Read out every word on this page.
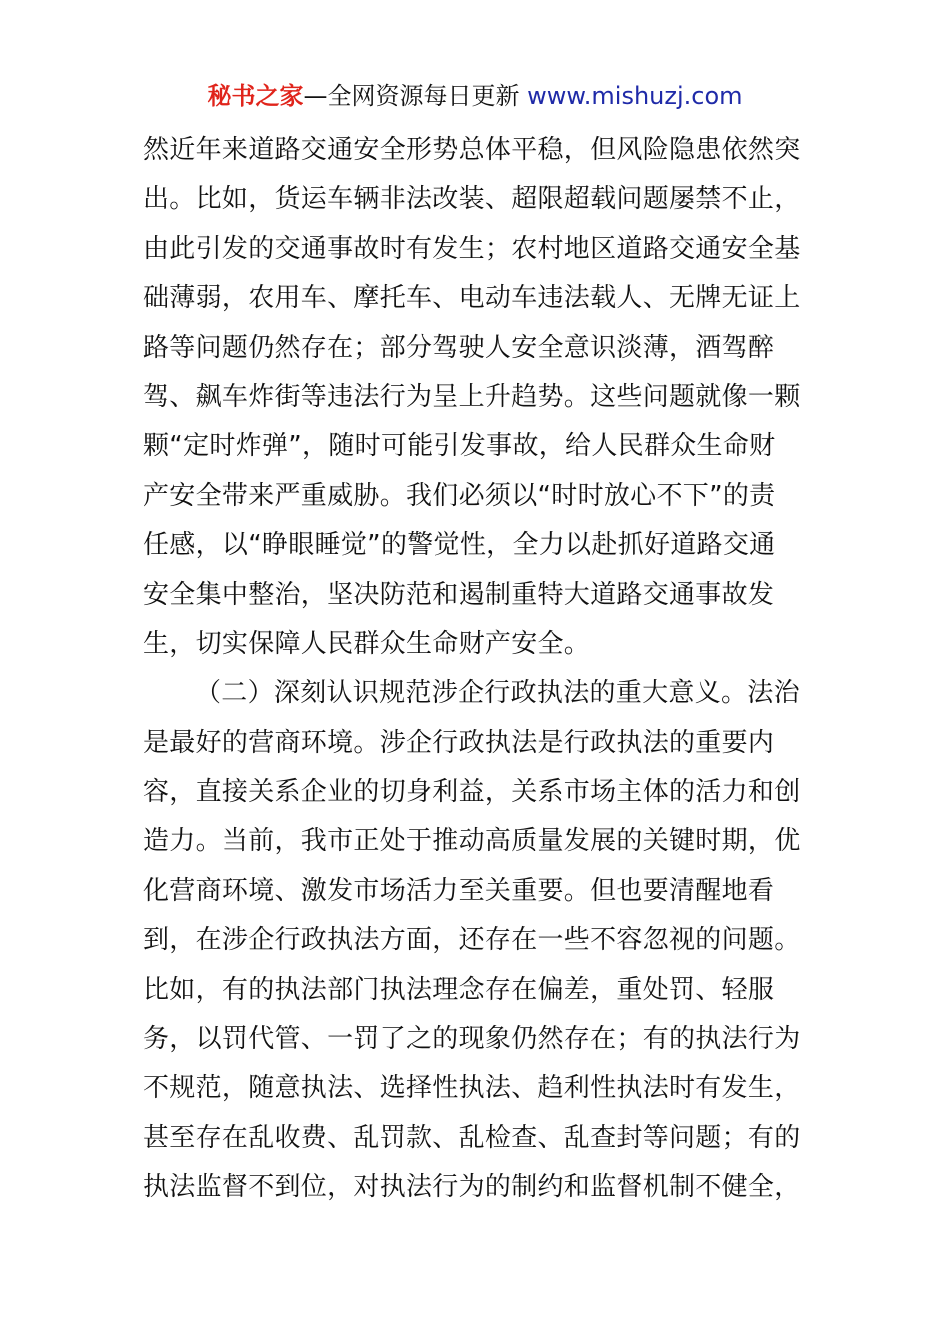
秘书之家—全网资源每日更新 www.mishuzj.com
然近年来道路交通安全形势总体平稳，但风险隐患依然突
出。比如，货运车辆非法改装、超限超载问题屡禁不止，
由此引发的交通事故时有发生；农村地区道路交通安全基
础薄弱，农用车、摩托车、电动车违法载人、无牌无证上
路等问题仍然存在；部分驾驶人安全意识淡薄，酒驾醉
驾、飙车炸街等违法行为呈上升趋势。这些问题就像一颗
颗“定时炸弹”，随时可能引发事故，给人民群众生命财
产安全带来严重威胁。我们必须以“时时放心不下”的责
任感，以“睁眼睡觉”的警觉性，全力以赴抓好道路交通
安全集中整治，坚决防范和遏制重特大道路交通事故发
生，切实保障人民群众生命财产安全。
（二）深刻认识规范涉企行政执法的重大意义。法治
是最好的营商环境。涉企行政执法是行政执法的重要内
容，直接关系企业的切身利益，关系市场主体的活力和创
造力。当前，我市正处于推动高质量发展的关键时期，优
化营商环境、激发市场活力至关重要。但也要清醒地看
到，在涉企行政执法方面，还存在一些不容忽视的问题。
比如，有的执法部门执法理念存在偏差，重处罚、轻服
务，以罚代管、一罚了之的现象仍然存在；有的执法行为
不规范，随意执法、选择性执法、趋利性执法时有发生，
甚至存在乱收费、乱罚款、乱检查、乱查封等问题；有的
执法监督不到位，对执法行为的制约和监督机制不健全，
